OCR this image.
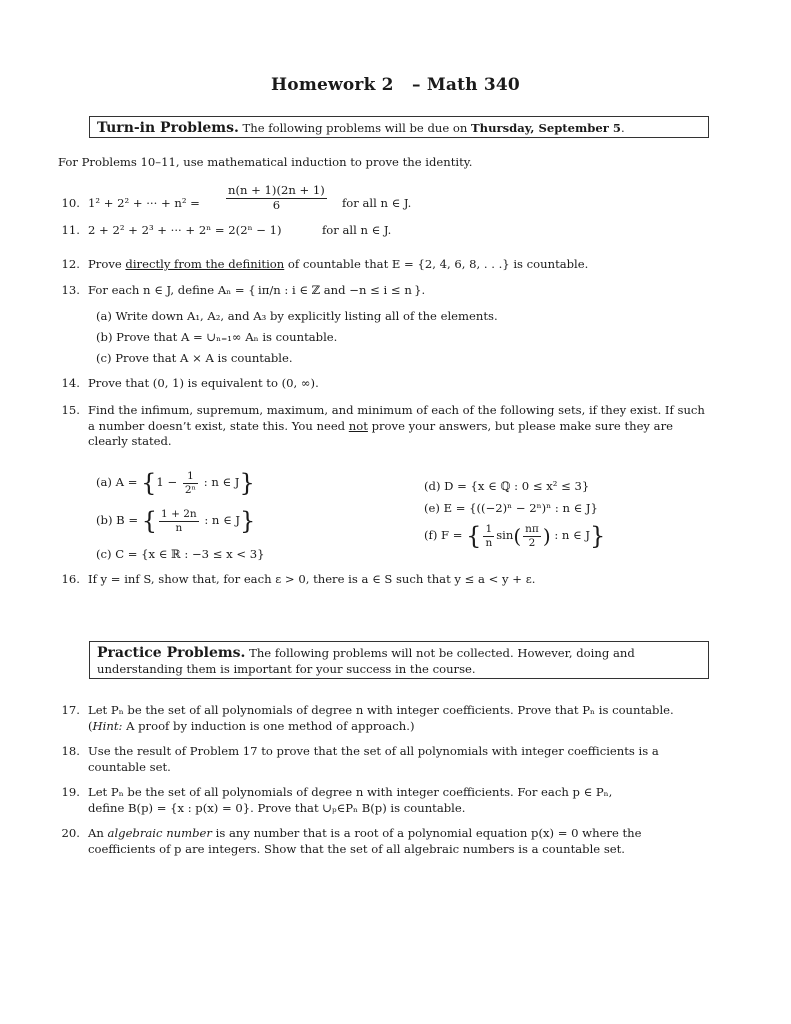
Homework 2   – Math 340
Turn-in Problems. The following problems will be due on Thursday, September 5.
For Problems 10–11, use mathematical induction to prove the identity.
10. 1² + 2² + ··· + $n^2 = \frac{n(n + 1)(2n + 1)}{6}$ for all n ∈ J.
11. 2 + 2² + 2³ + ··· + 2ⁿ = 2(2ⁿ − 1)	for all n ∈ J.
12. Prove directly from the definition of countable that E = {2, 4, 6, 8, . . .} is countable.
13. For each n ∈ J, define Aₙ = { iπ/n : i ∈ ℤ and −n ≤ i ≤ n }.
(a) Write down A₁, A₂, and A₃ by explicitly listing all of the elements.
(b) Prove that A = ∪ₙ₌₁∞ Aₙ is countable.
(c) Prove that A × A is countable.
14. Prove that (0, 1) is equivalent to (0, ∞).
15. Find the infimum, supremum, maximum, and minimum of each of the following sets, if they exist. If such a number doesn’t exist, state this. You need not prove your answers, but please make sure they are clearly stated.
(a) $A = \{1 - \frac{1}{\text{2ⁿ}}$ : n ∈ J}
(b) B = { $\frac{1 + 2n}{n}$ : n ∈ J}
(c) C = {x ∈ ℝ : −3 ≤ x < 3}
(d) D = {x ∈ ℚ : 0 ≤ x² ≤ 3}
(e) E = {((−2)ⁿ − 2ⁿ)ⁿ : n ∈ J}
(f) F = { $\frac{1}{n} \sin( \frac{n\pi}{2}$ ) : n ∈ J}
16. If y = inf S, show that, for each ε > 0, there is a ∈ S such that y ≤ a < y + ε.
Practice Problems. The following problems will not be collected. However, doing and understanding them is important for your success in the course.
17. Let Pₙ be the set of all polynomials of degree n with integer coefficients. Prove that Pₙ is countable. (Hint: A proof by induction is one method of approach.)
18. Use the result of Problem 17 to prove that the set of all polynomials with integer coefficients is a countable set.
19. Let Pₙ be the set of all polynomials of degree n with integer coefficients. For each p ∈ Pₙ, define B(p) = {x : p(x) = 0}. Prove that ∪ₚ∈Pₙ B(p) is countable.
20. An algebraic number is any number that is a root of a polynomial equation p(x) = 0 where the coefficients of p are integers. Show that the set of all algebraic numbers is a countable set.
